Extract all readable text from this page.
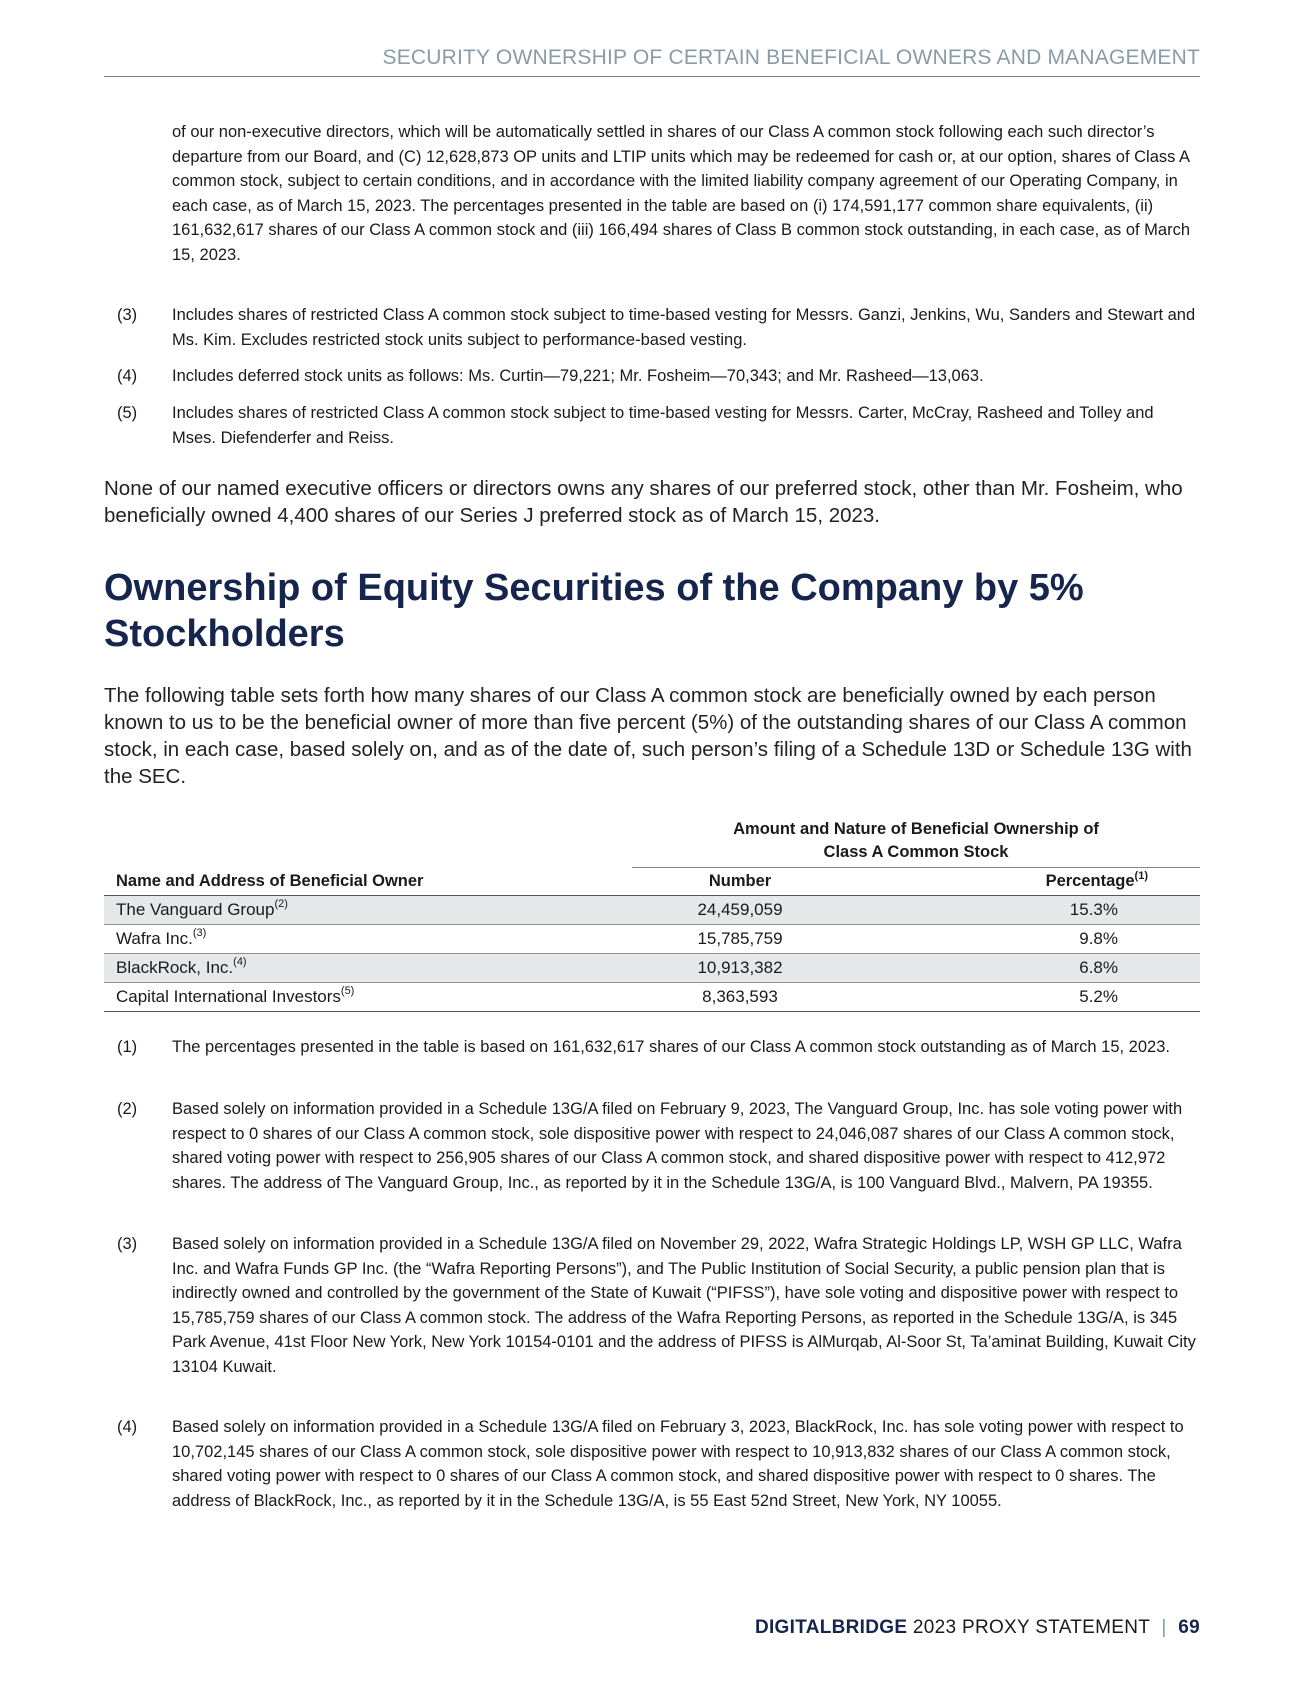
SECURITY OWNERSHIP OF CERTAIN BENEFICIAL OWNERS AND MANAGEMENT
of our non-executive directors, which will be automatically settled in shares of our Class A common stock following each such director’s departure from our Board, and (C) 12,628,873 OP units and LTIP units which may be redeemed for cash or, at our option, shares of Class A common stock, subject to certain conditions, and in accordance with the limited liability company agreement of our Operating Company, in each case, as of March 15, 2023. The percentages presented in the table are based on (i) 174,591,177 common share equivalents, (ii) 161,632,617 shares of our Class A common stock and (iii) 166,494 shares of Class B common stock outstanding, in each case, as of March 15, 2023.
(3) Includes shares of restricted Class A common stock subject to time-based vesting for Messrs. Ganzi, Jenkins, Wu, Sanders and Stewart and Ms. Kim. Excludes restricted stock units subject to performance-based vesting.
(4) Includes deferred stock units as follows: Ms. Curtin—79,221; Mr. Fosheim—70,343; and Mr. Rasheed—13,063.
(5) Includes shares of restricted Class A common stock subject to time-based vesting for Messrs. Carter, McCray, Rasheed and Tolley and Mses. Diefenderfer and Reiss.
None of our named executive officers or directors owns any shares of our preferred stock, other than Mr. Fosheim, who beneficially owned 4,400 shares of our Series J preferred stock as of March 15, 2023.
Ownership of Equity Securities of the Company by 5% Stockholders
The following table sets forth how many shares of our Class A common stock are beneficially owned by each person known to us to be the beneficial owner of more than five percent (5%) of the outstanding shares of our Class A common stock, in each case, based solely on, and as of the date of, such person’s filing of a Schedule 13D or Schedule 13G with the SEC.

	Amount and Nature of Beneficial Ownership of
Class A Common Stock	

Name and Address of Beneficial Owner	Number	Percentage$^{(1)}$
The Vanguard Group$^{(2)}$	24,459,059	15.3%
Wafra Inc.$^{(3)}$	15,785,759	9.8%
BlackRock, Inc.$^{(4)}$	10,913,382	6.8%
Capital International Investors$^{(5)}$	8,363,593	5.2%
(1) The percentages presented in the table is based on 161,632,617 shares of our Class A common stock outstanding as of March 15, 2023.
(2) Based solely on information provided in a Schedule 13G/A filed on February 9, 2023, The Vanguard Group, Inc. has sole voting power with respect to 0 shares of our Class A common stock, sole dispositive power with respect to 24,046,087 shares of our Class A common stock, shared voting power with respect to 256,905 shares of our Class A common stock, and shared dispositive power with respect to 412,972 shares. The address of The Vanguard Group, Inc., as reported by it in the Schedule 13G/A, is 100 Vanguard Blvd., Malvern, PA 19355.
(3) Based solely on information provided in a Schedule 13G/A filed on November 29, 2022, Wafra Strategic Holdings LP, WSH GP LLC, Wafra Inc. and Wafra Funds GP Inc. (the “Wafra Reporting Persons”), and The Public Institution of Social Security, a public pension plan that is indirectly owned and controlled by the government of the State of Kuwait (“PIFSS”), have sole voting and dispositive power with respect to 15,785,759 shares of our Class A common stock. The address of the Wafra Reporting Persons, as reported in the Schedule 13G/A, is 345 Park Avenue, 41st Floor New York, New York 10154-0101 and the address of PIFSS is AlMurqab, Al-Soor St, Ta’aminat Building, Kuwait City 13104 Kuwait.
(4) Based solely on information provided in a Schedule 13G/A filed on February 3, 2023, BlackRock, Inc. has sole voting power with respect to 10,702,145 shares of our Class A common stock, sole dispositive power with respect to 10,913,832 shares of our Class A common stock, shared voting power with respect to 0 shares of our Class A common stock, and shared dispositive power with respect to 0 shares. The address of BlackRock, Inc., as reported by it in the Schedule 13G/A, is 55 East 52nd Street, New York, NY 10055.
DIGITALBRIDGE 2023 PROXY STATEMENT | 69
